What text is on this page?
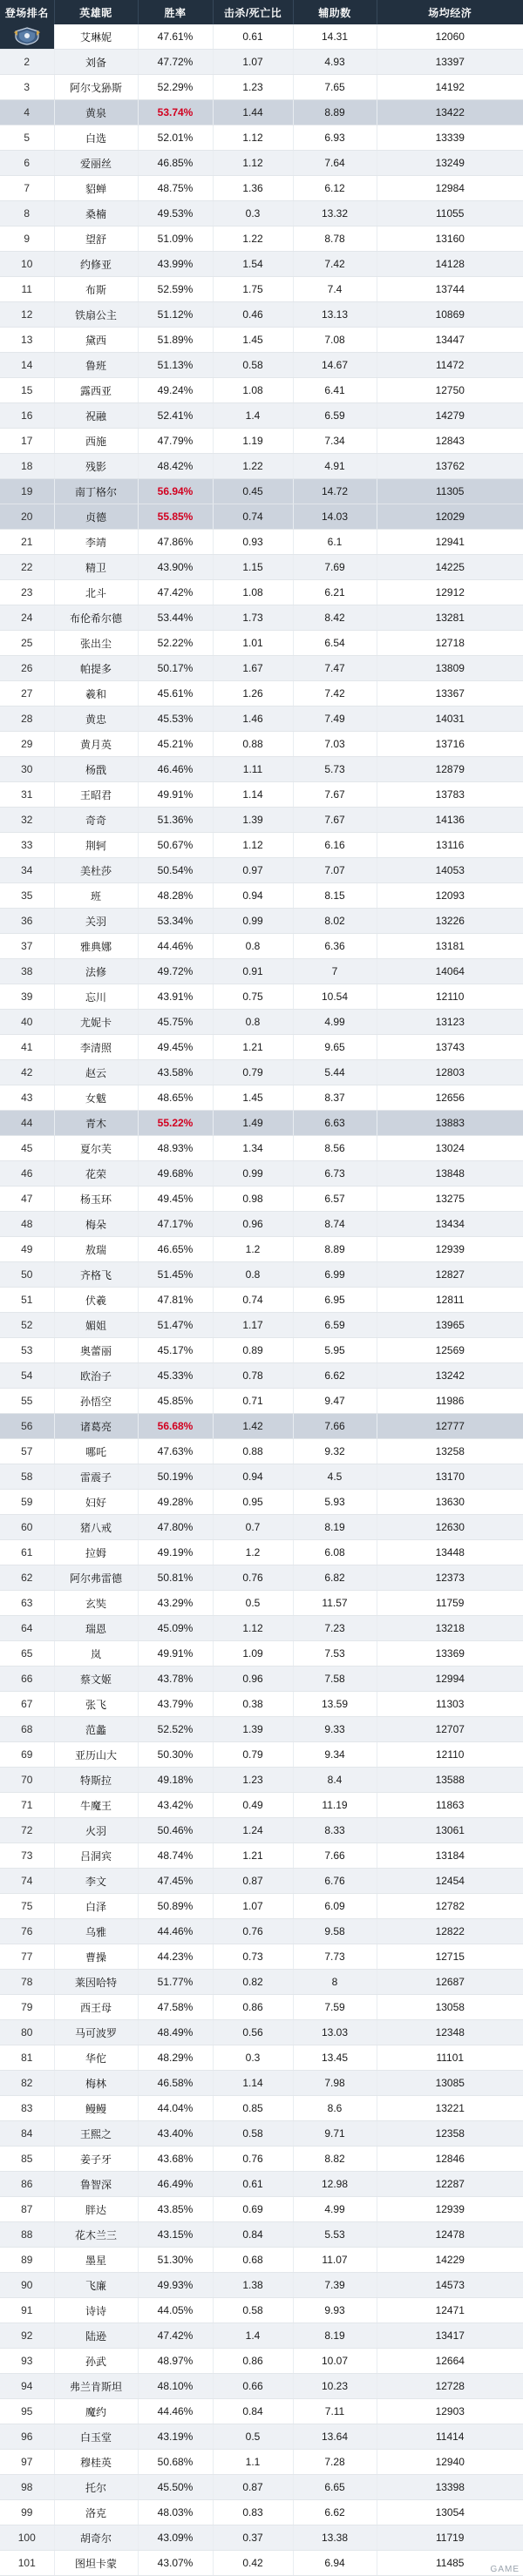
登场排名	英雄昵	胜率	击杀/死亡比	辅助数	场均经济

	艾琳妮	47.61%	0.61	14.31	12060
2	刘备	47.72%	1.07	4.93	13397
3	阿尔戈狲斯	52.29%	1.23	7.65	14192
4	黄泉	53.74%	1.44	8.89	13422
5	白选	52.01%	1.12	6.93	13339
6	爱丽丝	46.85%	1.12	7.64	13249
7	貂蝉	48.75%	1.36	6.12	12984
8	桑楠	49.53%	0.3	13.32	11055
9	望舒	51.09%	1.22	8.78	13160
10	约修亚	43.99%	1.54	7.42	14128
11	布斯	52.59%	1.75	7.4	13744
12	铁扇公主	51.12%	0.46	13.13	10869
13	黛西	51.89%	1.45	7.08	13447
14	鲁班	51.13%	0.58	14.67	11472
15	露西亚	49.24%	1.08	6.41	12750
16	祝融	52.41%	1.4	6.59	14279
17	西施	47.79%	1.19	7.34	12843
18	残影	48.42%	1.22	4.91	13762
19	南丁格尔	56.94%	0.45	14.72	11305
20	贞德	55.85%	0.74	14.03	12029
21	李靖	47.86%	0.93	6.1	12941
22	精卫	43.90%	1.15	7.69	14225
23	北斗	47.42%	1.08	6.21	12912
24	布伦希尔德	53.44%	1.73	8.42	13281
25	张出尘	52.22%	1.01	6.54	12718
26	帕提多	50.17%	1.67	7.47	13809
27	羲和	45.61%	1.26	7.42	13367
28	黄忠	45.53%	1.46	7.49	14031
29	黄月英	45.21%	0.88	7.03	13716
30	杨戬	46.46%	1.11	5.73	12879
31	王昭君	49.91%	1.14	7.67	13783
32	奇奇	51.36%	1.39	7.67	14136
33	荆轲	50.67%	1.12	6.16	13116
34	美杜莎	50.54%	0.97	7.07	14053
35	班	48.28%	0.94	8.15	12093
36	关羽	53.34%	0.99	8.02	13226
37	雅典娜	44.46%	0.8	6.36	13181
38	法修	49.72%	0.91	7	14064
39	忘川	43.91%	0.75	10.54	12110
40	尤妮卡	45.75%	0.8	4.99	13123
41	李清照	49.45%	1.21	9.65	13743
42	赵云	43.58%	0.79	5.44	12803
43	女魃	48.65%	1.45	8.37	12656
44	青木	55.22%	1.49	6.63	13883
45	夏尔芙	48.93%	1.34	8.56	13024
46	花荣	49.68%	0.99	6.73	13848
47	杨玉环	49.45%	0.98	6.57	13275
48	梅朵	47.17%	0.96	8.74	13434
49	敖瑞	46.65%	1.2	8.89	12939
50	齐格飞	51.45%	0.8	6.99	12827
51	伏羲	47.81%	0.74	6.95	12811
52	媚姐	51.47%	1.17	6.59	13965
53	奥蕾丽	45.17%	0.89	5.95	12569
54	欧治子	45.33%	0.78	6.62	13242
55	孙悟空	45.85%	0.71	9.47	11986
56	诸葛亮	56.68%	1.42	7.66	12777
57	哪吒	47.63%	0.88	9.32	13258
58	雷震子	50.19%	0.94	4.5	13170
59	妇好	49.28%	0.95	5.93	13630
60	猪八戒	47.80%	0.7	8.19	12630
61	拉姆	49.19%	1.2	6.08	13448
62	阿尔弗雷德	50.81%	0.76	6.82	12373
63	玄奘	43.29%	0.5	11.57	11759
64	瑞恩	45.09%	1.12	7.23	13218
65	岚	49.91%	1.09	7.53	13369
66	蔡文姬	43.78%	0.96	7.58	12994
67	张飞	43.79%	0.38	13.59	11303
68	范蠡	52.52%	1.39	9.33	12707
69	亚历山大	50.30%	0.79	9.34	12110
70	特斯拉	49.18%	1.23	8.4	13588
71	牛魔王	43.42%	0.49	11.19	11863
72	火羽	50.46%	1.24	8.33	13061
73	吕洞宾	48.74%	1.21	7.66	13184
74	李文	47.45%	0.87	6.76	12454
75	白泽	50.89%	1.07	6.09	12782
76	乌雅	44.46%	0.76	9.58	12822
77	曹操	44.23%	0.73	7.73	12715
78	莱因哈特	51.77%	0.82	8	12687
79	西王母	47.58%	0.86	7.59	13058
80	马可波罗	48.49%	0.56	13.03	12348
81	华佗	48.29%	0.3	13.45	11101
82	梅林	46.58%	1.14	7.98	13085
83	鳗鳗	44.04%	0.85	8.6	13221
84	王熙之	43.40%	0.58	9.71	12358
85	姜子牙	43.68%	0.76	8.82	12846
86	鲁智深	46.49%	0.61	12.98	12287
87	胖达	43.85%	0.69	4.99	12939
88	花木兰三	43.15%	0.84	5.53	12478
89	墨星	51.30%	0.68	11.07	14229
90	飞廉	49.93%	1.38	7.39	14573
91	诗诗	44.05%	0.58	9.93	12471
92	陆逊	47.42%	1.4	8.19	13417
93	孙武	48.97%	0.86	10.07	12664
94	弗兰肯斯坦	48.10%	0.66	10.23	12728
95	魔约	44.46%	0.84	7.11	12903
96	白玉堂	43.19%	0.5	13.64	11414
97	穆桂英	50.68%	1.1	7.28	12940
98	托尔	45.50%	0.87	6.65	13398
99	洛克	48.03%	0.83	6.62	13054
100	胡奇尔	43.09%	0.37	13.38	11719
101	图坦卡蒙	43.07%	0.42	6.94	11485
GAME
